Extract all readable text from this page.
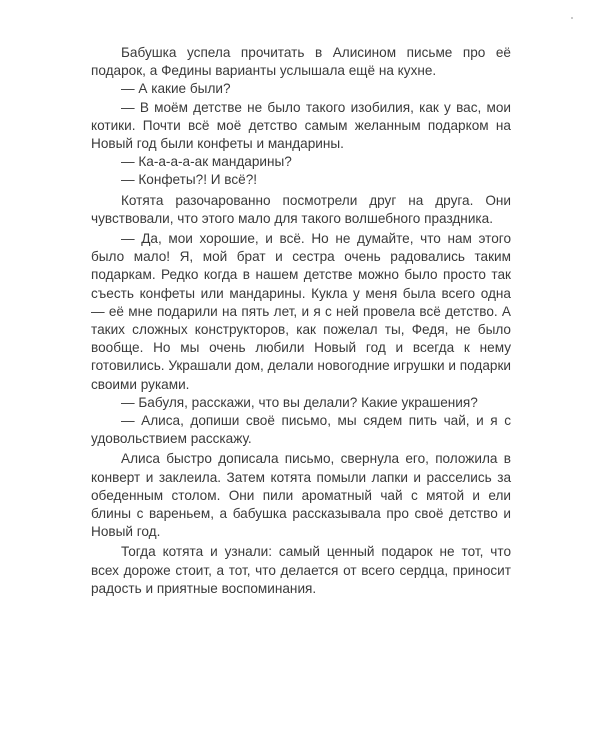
Бабушка успела прочитать в Алисином письме про её подарок, а Федины варианты услышала ещё на кухне.

— А какие были?

— В моём детстве не было такого изобилия, как у вас, мои котики. Почти всё моё детство самым желанным подарком на Новый год были конфеты и мандарины.

— Ка-а-а-а-ак мандарины?

— Конфеты?! И всё?!

Котята разочарованно посмотрели друг на друга. Они чувствовали, что этого мало для такого волшебного праздника.

— Да, мои хорошие, и всё. Но не думайте, что нам этого было мало! Я, мой брат и сестра очень радовались таким подаркам. Редко когда в нашем детстве можно было просто так съесть конфеты или мандарины. Кукла у меня была всего одна — её мне подарили на пять лет, и я с ней провела всё детство. А таких сложных конструкторов, как пожелал ты, Федя, не было вообще. Но мы очень любили Новый год и всегда к нему готовились. Украшали дом, делали новогодние игрушки и подарки своими руками.

— Бабуля, расскажи, что вы делали? Какие украшения?

— Алиса, допиши своё письмо, мы сядем пить чай, и я с удовольствием расскажу.

Алиса быстро дописала письмо, свернула его, положила в конверт и заклеила. Затем котята помыли лапки и расселись за обеденным столом. Они пили ароматный чай с мятой и ели блины с вареньем, а бабушка рассказывала про своё детство и Новый год.

Тогда котята и узнали: самый ценный подарок не тот, что всех дороже стоит, а тот, что делается от всего сердца, приносит радость и приятные воспоминания.
